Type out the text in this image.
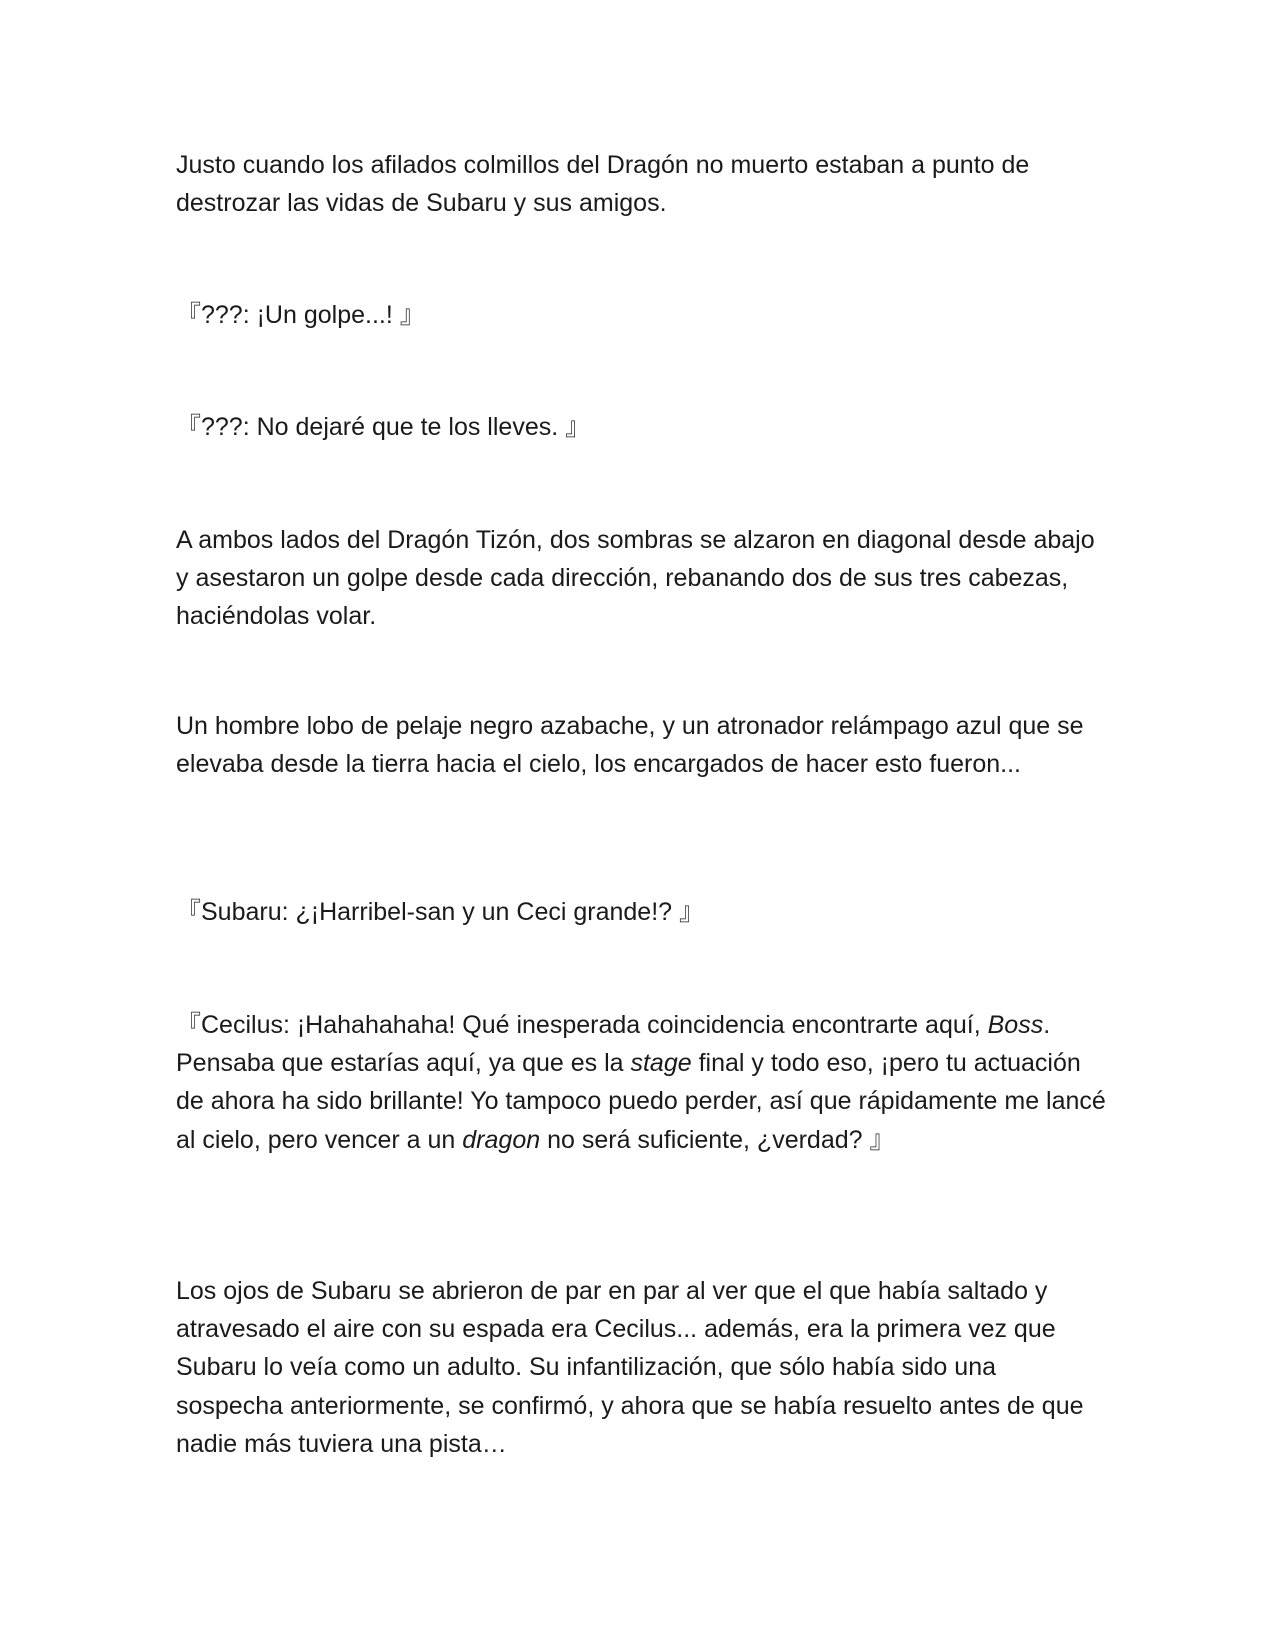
Justo cuando los afilados colmillos del Dragón no muerto estaban a punto de destrozar las vidas de Subaru y sus amigos.

『???: ¡Un golpe...! 』

『???: No dejaré que te los lleves. 』

A ambos lados del Dragón Tizón, dos sombras se alzaron en diagonal desde abajo y asestaron un golpe desde cada dirección, rebanando dos de sus tres cabezas, haciéndolas volar.

Un hombre lobo de pelaje negro azabache, y un atronador relámpago azul que se elevaba desde la tierra hacia el cielo, los encargados de hacer esto fueron...

『Subaru: ¿¡Harribel-san y un Ceci grande!? 』

『Cecilus: ¡Hahahahaha! Qué inesperada coincidencia encontrarte aquí, Boss. Pensaba que estarías aquí, ya que es la stage final y todo eso, ¡pero tu actuación de ahora ha sido brillante! Yo tampoco puedo perder, así que rápidamente me lancé al cielo, pero vencer a un dragon no será suficiente, ¿verdad? 』

Los ojos de Subaru se abrieron de par en par al ver que el que había saltado y atravesado el aire con su espada era Cecilus... además, era la primera vez que Subaru lo veía como un adulto. Su infantilización, que sólo había sido una sospecha anteriormente, se confirmó, y ahora que se había resuelto antes de que nadie más tuviera una pista…
